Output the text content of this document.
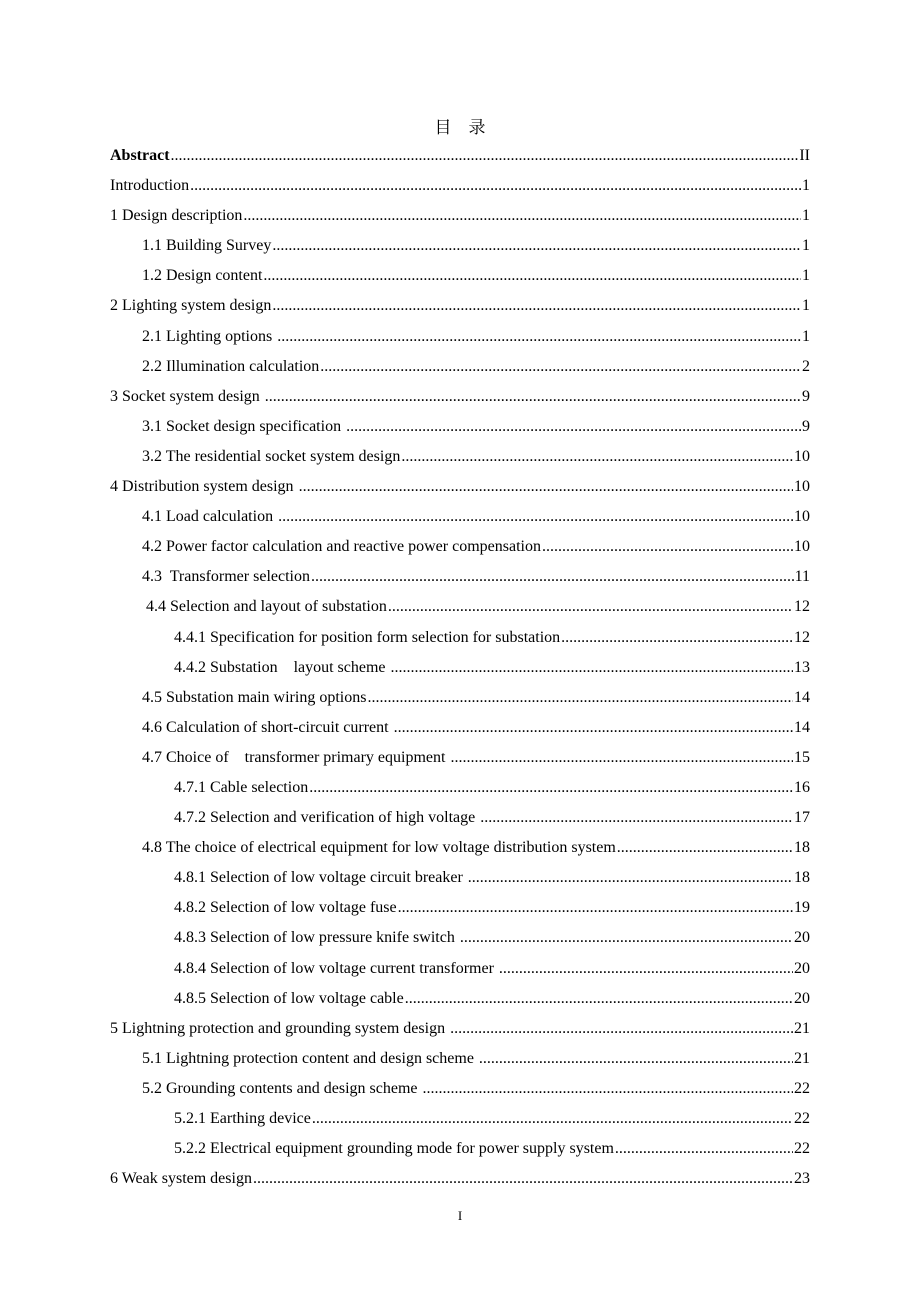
目    录
Abstract .....	II
Introduction .....	1
1 Design description .....	1
1.1 Building Survey .....	1
1.2 Design content .....	1
2 Lighting system design .....	1
2.1 Lighting options .....	1
2.2 Illumination calculation .....	2
3 Socket system design .....	9
3.1 Socket design specification .....	9
3.2 The residential socket system design .....	10
4 Distribution system design .....	10
4.1 Load calculation .....	10
4.2 Power factor calculation and reactive power compensation .....	10
4.3  Transformer selection .....	11
4.4 Selection and layout of substation .....	12
4.4.1 Specification for position form selection for substation .....	12
4.4.2 Substation    layout scheme .....	13
4.5 Substation main wiring options .....	14
4.6 Calculation of short-circuit current .....	14
4.7 Choice of    transformer primary equipment .....	15
4.7.1 Cable selection .....	16
4.7.2 Selection and verification of high voltage .....	17
4.8 The choice of electrical equipment for low voltage distribution system .....	18
4.8.1 Selection of low voltage circuit breaker .....	18
4.8.2 Selection of low voltage fuse .....	19
4.8.3 Selection of low pressure knife switch .....	20
4.8.4 Selection of low voltage current transformer .....	20
4.8.5 Selection of low voltage cable .....	20
5 Lightning protection and grounding system design .....	21
5.1 Lightning protection content and design scheme .....	21
5.2 Grounding contents and design scheme .....	22
5.2.1 Earthing device .....	22
5.2.2 Electrical equipment grounding mode for power supply system .....	22
6 Weak system design .....	23
I
